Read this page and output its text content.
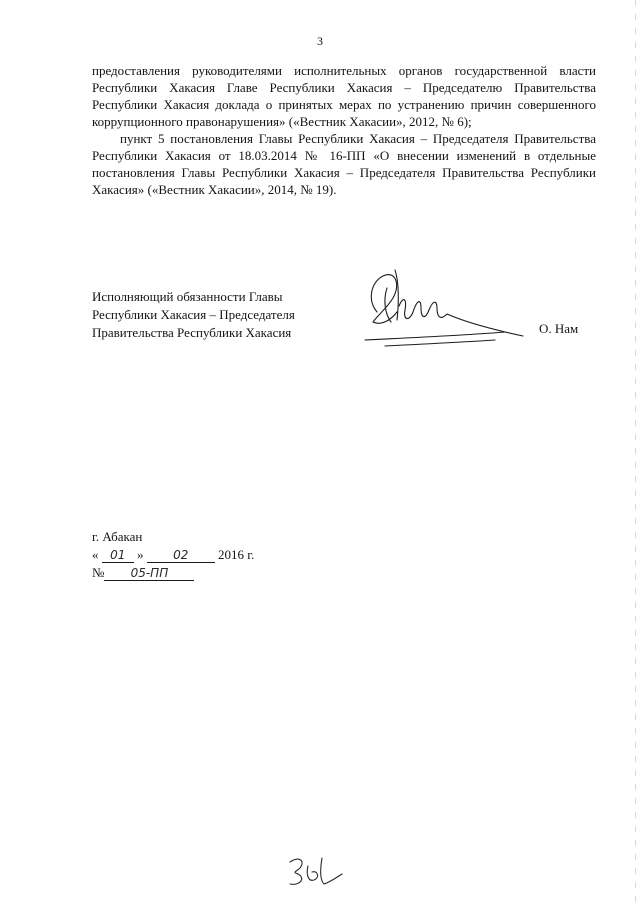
3

предоставления руководителями исполнительных органов государственной власти Республики Хакасия Главе Республики Хакасия – Председателю Правительства Республики Хакасия доклада о принятых мерах по устранению причин совершенного коррупционного правонарушения» («Вестник Хакасии», 2012, № 6);

пункт 5 постановления Главы Республики Хакасия – Председателя Правительства Республики Хакасия от 18.03.2014 № 16-ПП «О внесении изменений в отдельные постановления Главы Республики Хакасия – Председателя Правительства Республики Хакасия» («Вестник Хакасии», 2014, № 19).

Исполняющий обязанности Главы
Республики Хакасия – Председателя
Правительства Республики Хакасия	О. Нам
г. Абакан
« 01 » 02 2016 г.
№ 05-ПП
